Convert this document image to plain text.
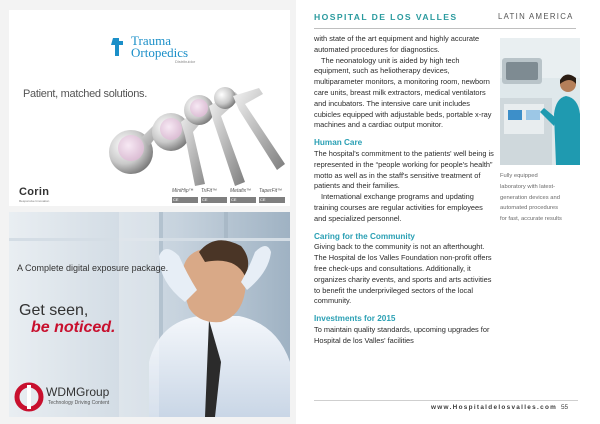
Trauma
Ortopedics
Distribuidor
Patient, matched solutions.
Corin
Responsive Innovation
MiniHip™
CE
TriFit™
CE
Metafix™
CE
TaperFit™
CE
A Complete digital exposure package.
Get seen,
be noticed.
WDMGroup
Technology Driving Content
HOSPITAL DE LOS VALLES	LATIN AMERICA

with state of the art equipment and highly accurate automated procedures for diagnostics.

The neonatology unit is aided by high tech equipment, such as heliotherapy devices, multiparameter monitors, a monitoring room, newborn care units, breast milk extractors, medical ventilators and incubators. The intensive care unit includes cubicles equipped with adjustable beds, portable x-ray machines and a cardiac output monitor.

Human Care

The hospital's commitment to the patients' well being is represented in the “people working for people's health” motto as well as in the staff's sensitive treatment of patients and their families.

International exchange programs and updating training courses are regular activities for employees and specialized personnel.

Caring for the Community

Giving back to the community is not an afterthought. The Hospital de los Valles Foundation non-profit offers free check-ups and consultations. Additionally, it organizes charity events, and sports and arts activities to benefit the underprivileged sectors of the local community.

Investments for 2015

To maintain quality standards, upcoming upgrades for Hospital de los Valles' facilities

Fully equipped

laboratory with latest-

generation devices and

automated procedures

for fast, accurate results

www.Hospitaldelosvalles.com 55
